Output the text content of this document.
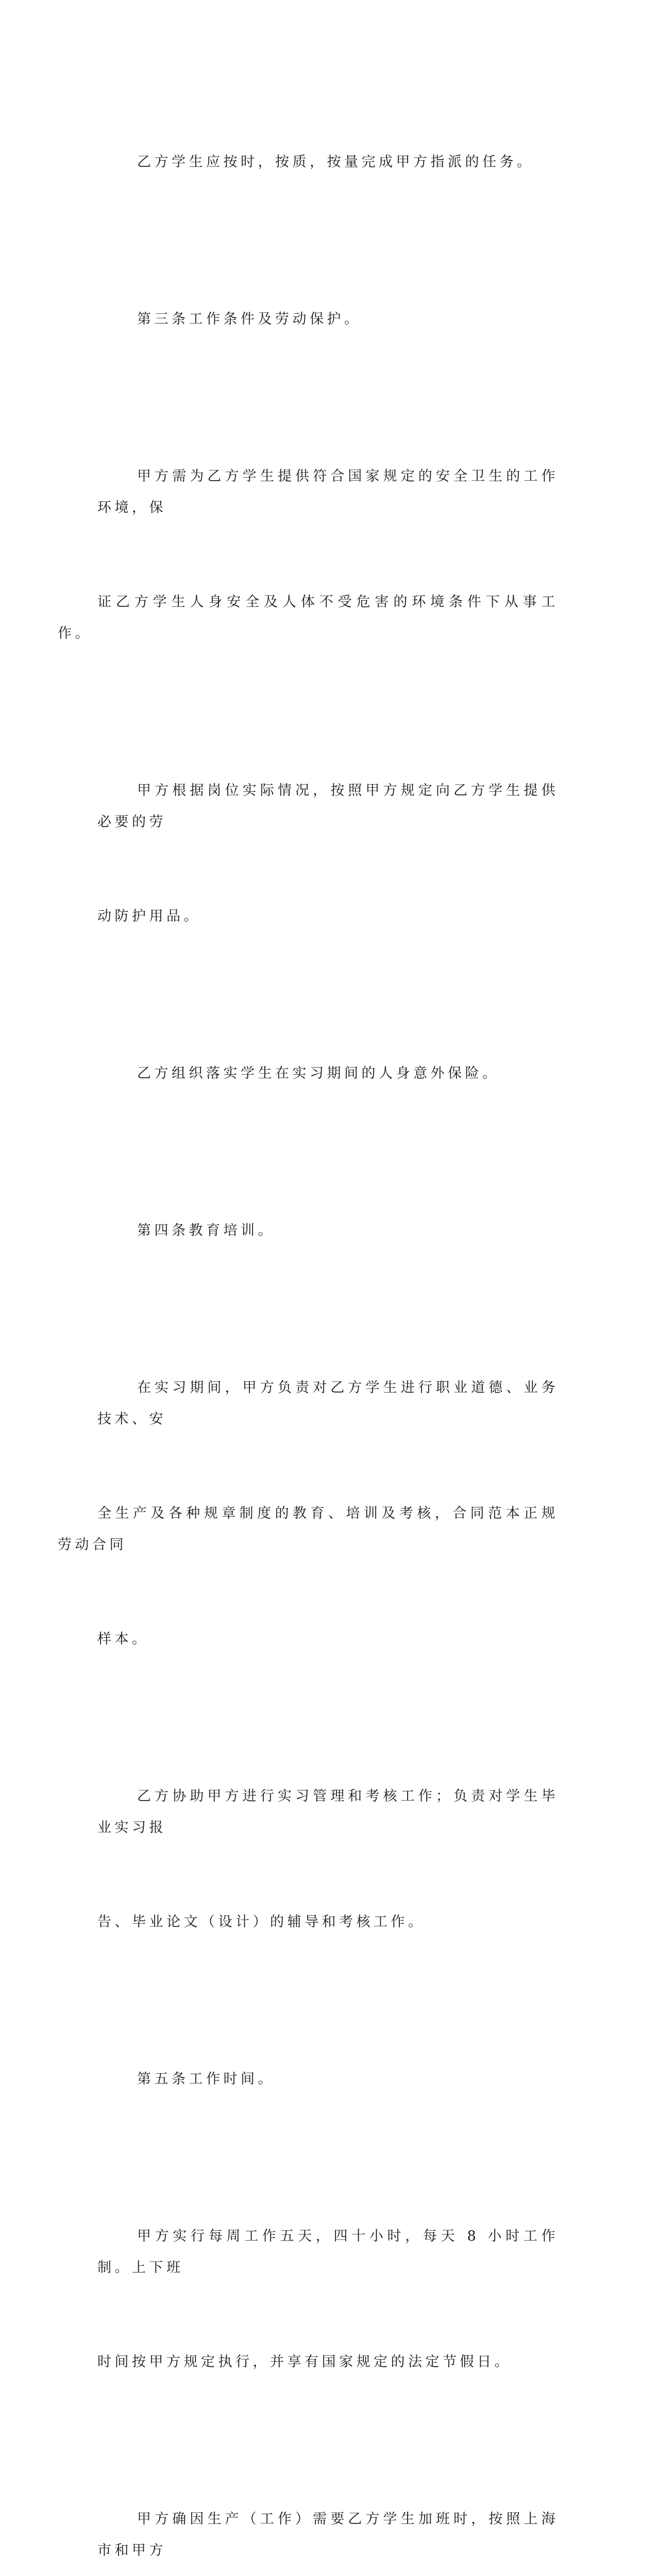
乙方学生应按时，按质，按量完成甲方指派的任务。

第三条工作条件及劳动保护。

甲方需为乙方学生提供符合国家规定的安全卫生的工作环境，保

证乙方学生人身安全及人体不受危害的环境条件下从事工作。

甲方根据岗位实际情况，按照甲方规定向乙方学生提供必要的劳

动防护用品。

乙方组织落实学生在实习期间的人身意外保险。

第四条教育培训。

在实习期间，甲方负责对乙方学生进行职业道德、业务技术、安

全生产及各种规章制度的教育、培训及考核，合同范本正规劳动合同

样本。

乙方协助甲方进行实习管理和考核工作；负责对学生毕业实习报

告、毕业论文（设计）的辅导和考核工作。

第五条工作时间。

甲方实行每周工作五天，四十小时，每天 8 小时工作制。上下班

时间按甲方规定执行，并享有国家规定的法定节假日。

甲方确因生产（工作）需要乙方学生加班时，按照上海市和甲方
